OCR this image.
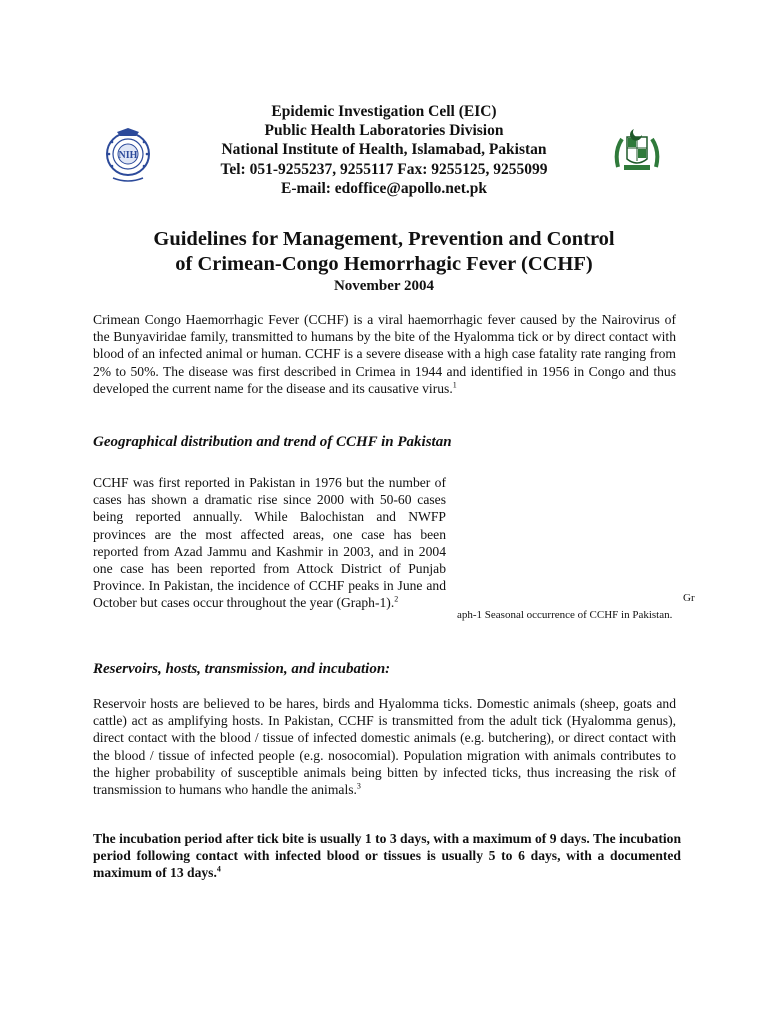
NIH
Epidemic Investigation Cell (EIC)
Public Health Laboratories Division
National Institute of Health, Islamabad, Pakistan
Tel: 051-9255237, 9255117 Fax: 9255125, 9255099
E-mail: edoffice@apollo.net.pk
Guidelines for Management, Prevention and Control
of Crimean-Congo Hemorrhagic Fever (CCHF)
November 2004
Crimean Congo Haemorrhagic Fever (CCHF) is a viral haemorrhagic fever caused by the Nairovirus of the Bunyaviridae family, transmitted to humans by the bite of the Hyalomma tick or by direct contact with blood of an infected animal or human. CCHF is a severe disease with a high case fatality rate ranging from 2% to 50%. The disease was first described in Crimea in 1944 and identified in 1956 in Congo and thus developed the current name for the disease and its causative virus.$^1$
Geographical distribution and trend of CCHF in Pakistan
CCHF was first reported in Pakistan in 1976 but the number of cases has shown a dramatic rise since 2000 with 50-60 cases being reported annually. While Balochistan and NWFP provinces are the most affected areas, one case has been reported from Azad Jammu and Kashmir in 2003, and in 2004 one case has been reported from Attock District of Punjab Province. In Pakistan, the incidence of CCHF peaks in June and October but cases occur throughout the year (Graph-1).$^2$	Gr
aph-1 Seasonal occurrence of CCHF in Pakistan.
Reservoirs, hosts, transmission, and incubation:
Reservoir hosts are believed to be hares, birds and Hyalomma ticks. Domestic animals (sheep, goats and cattle) act as amplifying hosts. In Pakistan, CCHF is transmitted from the adult tick (Hyalomma genus), direct contact with the blood / tissue of infected domestic animals (e.g. butchering), or direct contact with the blood / tissue of infected people (e.g. nosocomial). Population migration with animals contributes to the higher probability of susceptible animals being bitten by infected ticks, thus increasing the risk of transmission to humans who handle the animals.$^3$
The incubation period after tick bite is usually 1 to 3 days, with a maximum of 9 days. The incubation period following contact with infected blood or tissues is usually 5 to 6 days, with a documented maximum of 13 days.$^4$
